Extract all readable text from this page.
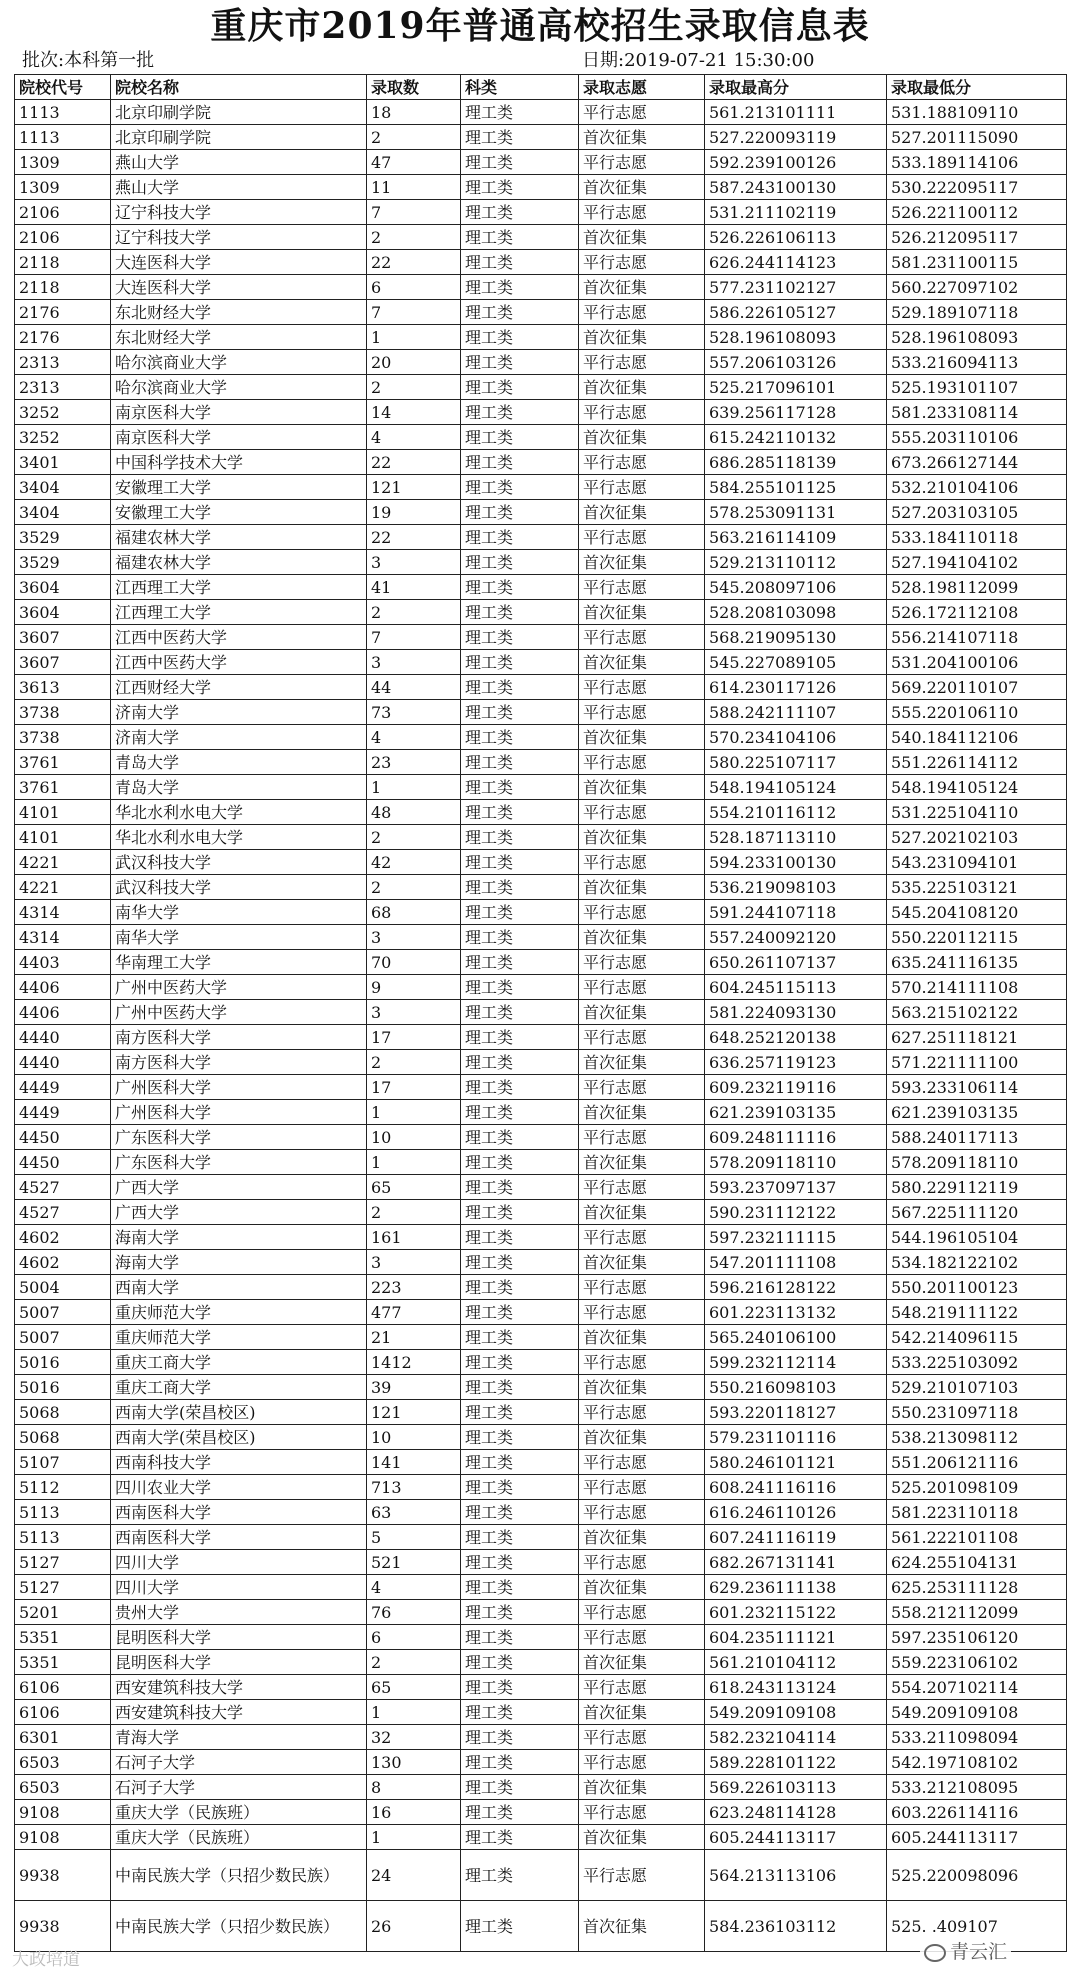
重庆市2019年普通高校招生录取信息表
批次:本科第一批	日期:2019-07-21 15:30:00
院校代号	院校名称	录取数	科类	录取志愿	录取最高分	录取最低分
1113	北京印刷学院	18	理工类	平行志愿	561.213101111	531.188109110
1113	北京印刷学院	2	理工类	首次征集	527.220093119	527.201115090
1309	燕山大学	47	理工类	平行志愿	592.239100126	533.189114106
1309	燕山大学	11	理工类	首次征集	587.243100130	530.222095117
2106	辽宁科技大学	7	理工类	平行志愿	531.211102119	526.221100112
2106	辽宁科技大学	2	理工类	首次征集	526.226106113	526.212095117
2118	大连医科大学	22	理工类	平行志愿	626.244114123	581.231100115
2118	大连医科大学	6	理工类	首次征集	577.231102127	560.227097102
2176	东北财经大学	7	理工类	平行志愿	586.226105127	529.189107118
2176	东北财经大学	1	理工类	首次征集	528.196108093	528.196108093
2313	哈尔滨商业大学	20	理工类	平行志愿	557.206103126	533.216094113
2313	哈尔滨商业大学	2	理工类	首次征集	525.217096101	525.193101107
3252	南京医科大学	14	理工类	平行志愿	639.256117128	581.233108114
3252	南京医科大学	4	理工类	首次征集	615.242110132	555.203110106
3401	中国科学技术大学	22	理工类	平行志愿	686.285118139	673.266127144
3404	安徽理工大学	121	理工类	平行志愿	584.255101125	532.210104106
3404	安徽理工大学	19	理工类	首次征集	578.253091131	527.203103105
3529	福建农林大学	22	理工类	平行志愿	563.216114109	533.184110118
3529	福建农林大学	3	理工类	首次征集	529.213110112	527.194104102
3604	江西理工大学	41	理工类	平行志愿	545.208097106	528.198112099
3604	江西理工大学	2	理工类	首次征集	528.208103098	526.172112108
3607	江西中医药大学	7	理工类	平行志愿	568.219095130	556.214107118
3607	江西中医药大学	3	理工类	首次征集	545.227089105	531.204100106
3613	江西财经大学	44	理工类	平行志愿	614.230117126	569.220110107
3738	济南大学	73	理工类	平行志愿	588.242111107	555.220106110
3738	济南大学	4	理工类	首次征集	570.234104106	540.184112106
3761	青岛大学	23	理工类	平行志愿	580.225107117	551.226114112
3761	青岛大学	1	理工类	首次征集	548.194105124	548.194105124
4101	华北水利水电大学	48	理工类	平行志愿	554.210116112	531.225104110
4101	华北水利水电大学	2	理工类	首次征集	528.187113110	527.202102103
4221	武汉科技大学	42	理工类	平行志愿	594.233100130	543.231094101
4221	武汉科技大学	2	理工类	首次征集	536.219098103	535.225103121
4314	南华大学	68	理工类	平行志愿	591.244107118	545.204108120
4314	南华大学	3	理工类	首次征集	557.240092120	550.220112115
4403	华南理工大学	70	理工类	平行志愿	650.261107137	635.241116135
4406	广州中医药大学	9	理工类	平行志愿	604.245115113	570.214111108
4406	广州中医药大学	3	理工类	首次征集	581.224093130	563.215102122
4440	南方医科大学	17	理工类	平行志愿	648.252120138	627.251118121
4440	南方医科大学	2	理工类	首次征集	636.257119123	571.221111100
4449	广州医科大学	17	理工类	平行志愿	609.232119116	593.233106114
4449	广州医科大学	1	理工类	首次征集	621.239103135	621.239103135
4450	广东医科大学	10	理工类	平行志愿	609.248111116	588.240117113
4450	广东医科大学	1	理工类	首次征集	578.209118110	578.209118110
4527	广西大学	65	理工类	平行志愿	593.237097137	580.229112119
4527	广西大学	2	理工类	首次征集	590.231112122	567.225111120
4602	海南大学	161	理工类	平行志愿	597.232111115	544.196105104
4602	海南大学	3	理工类	首次征集	547.201111108	534.182122102
5004	西南大学	223	理工类	平行志愿	596.216128122	550.201100123
5007	重庆师范大学	477	理工类	平行志愿	601.223113132	548.219111122
5007	重庆师范大学	21	理工类	首次征集	565.240106100	542.214096115
5016	重庆工商大学	1412	理工类	平行志愿	599.232112114	533.225103092
5016	重庆工商大学	39	理工类	首次征集	550.216098103	529.210107103
5068	西南大学(荣昌校区)	121	理工类	平行志愿	593.220118127	550.231097118
5068	西南大学(荣昌校区)	10	理工类	首次征集	579.231101116	538.213098112
5107	西南科技大学	141	理工类	平行志愿	580.246101121	551.206121116
5112	四川农业大学	713	理工类	平行志愿	608.241116116	525.201098109
5113	西南医科大学	63	理工类	平行志愿	616.246110126	581.223110118
5113	西南医科大学	5	理工类	首次征集	607.241116119	561.222101108
5127	四川大学	521	理工类	平行志愿	682.267131141	624.255104131
5127	四川大学	4	理工类	首次征集	629.236111138	625.253111128
5201	贵州大学	76	理工类	平行志愿	601.232115122	558.212112099
5351	昆明医科大学	6	理工类	平行志愿	604.235111121	597.235106120
5351	昆明医科大学	2	理工类	首次征集	561.210104112	559.223106102
6106	西安建筑科技大学	65	理工类	平行志愿	618.243113124	554.207102114
6106	西安建筑科技大学	1	理工类	首次征集	549.209109108	549.209109108
6301	青海大学	32	理工类	平行志愿	582.232104114	533.211098094
6503	石河子大学	130	理工类	平行志愿	589.228101122	542.197108102
6503	石河子大学	8	理工类	首次征集	569.226103113	533.212108095
9108	重庆大学（民族班）	16	理工类	平行志愿	623.248114128	603.226114116
9108	重庆大学（民族班）	1	理工类	首次征集	605.244113117	605.244113117
9938	中南民族大学（只招少数民族）	24	理工类	平行志愿	564.213113106	525.220098096
9938	中南民族大学（只招少数民族）	26	理工类	首次征集	584.236103112	525. .409107
大政培道	青云汇
